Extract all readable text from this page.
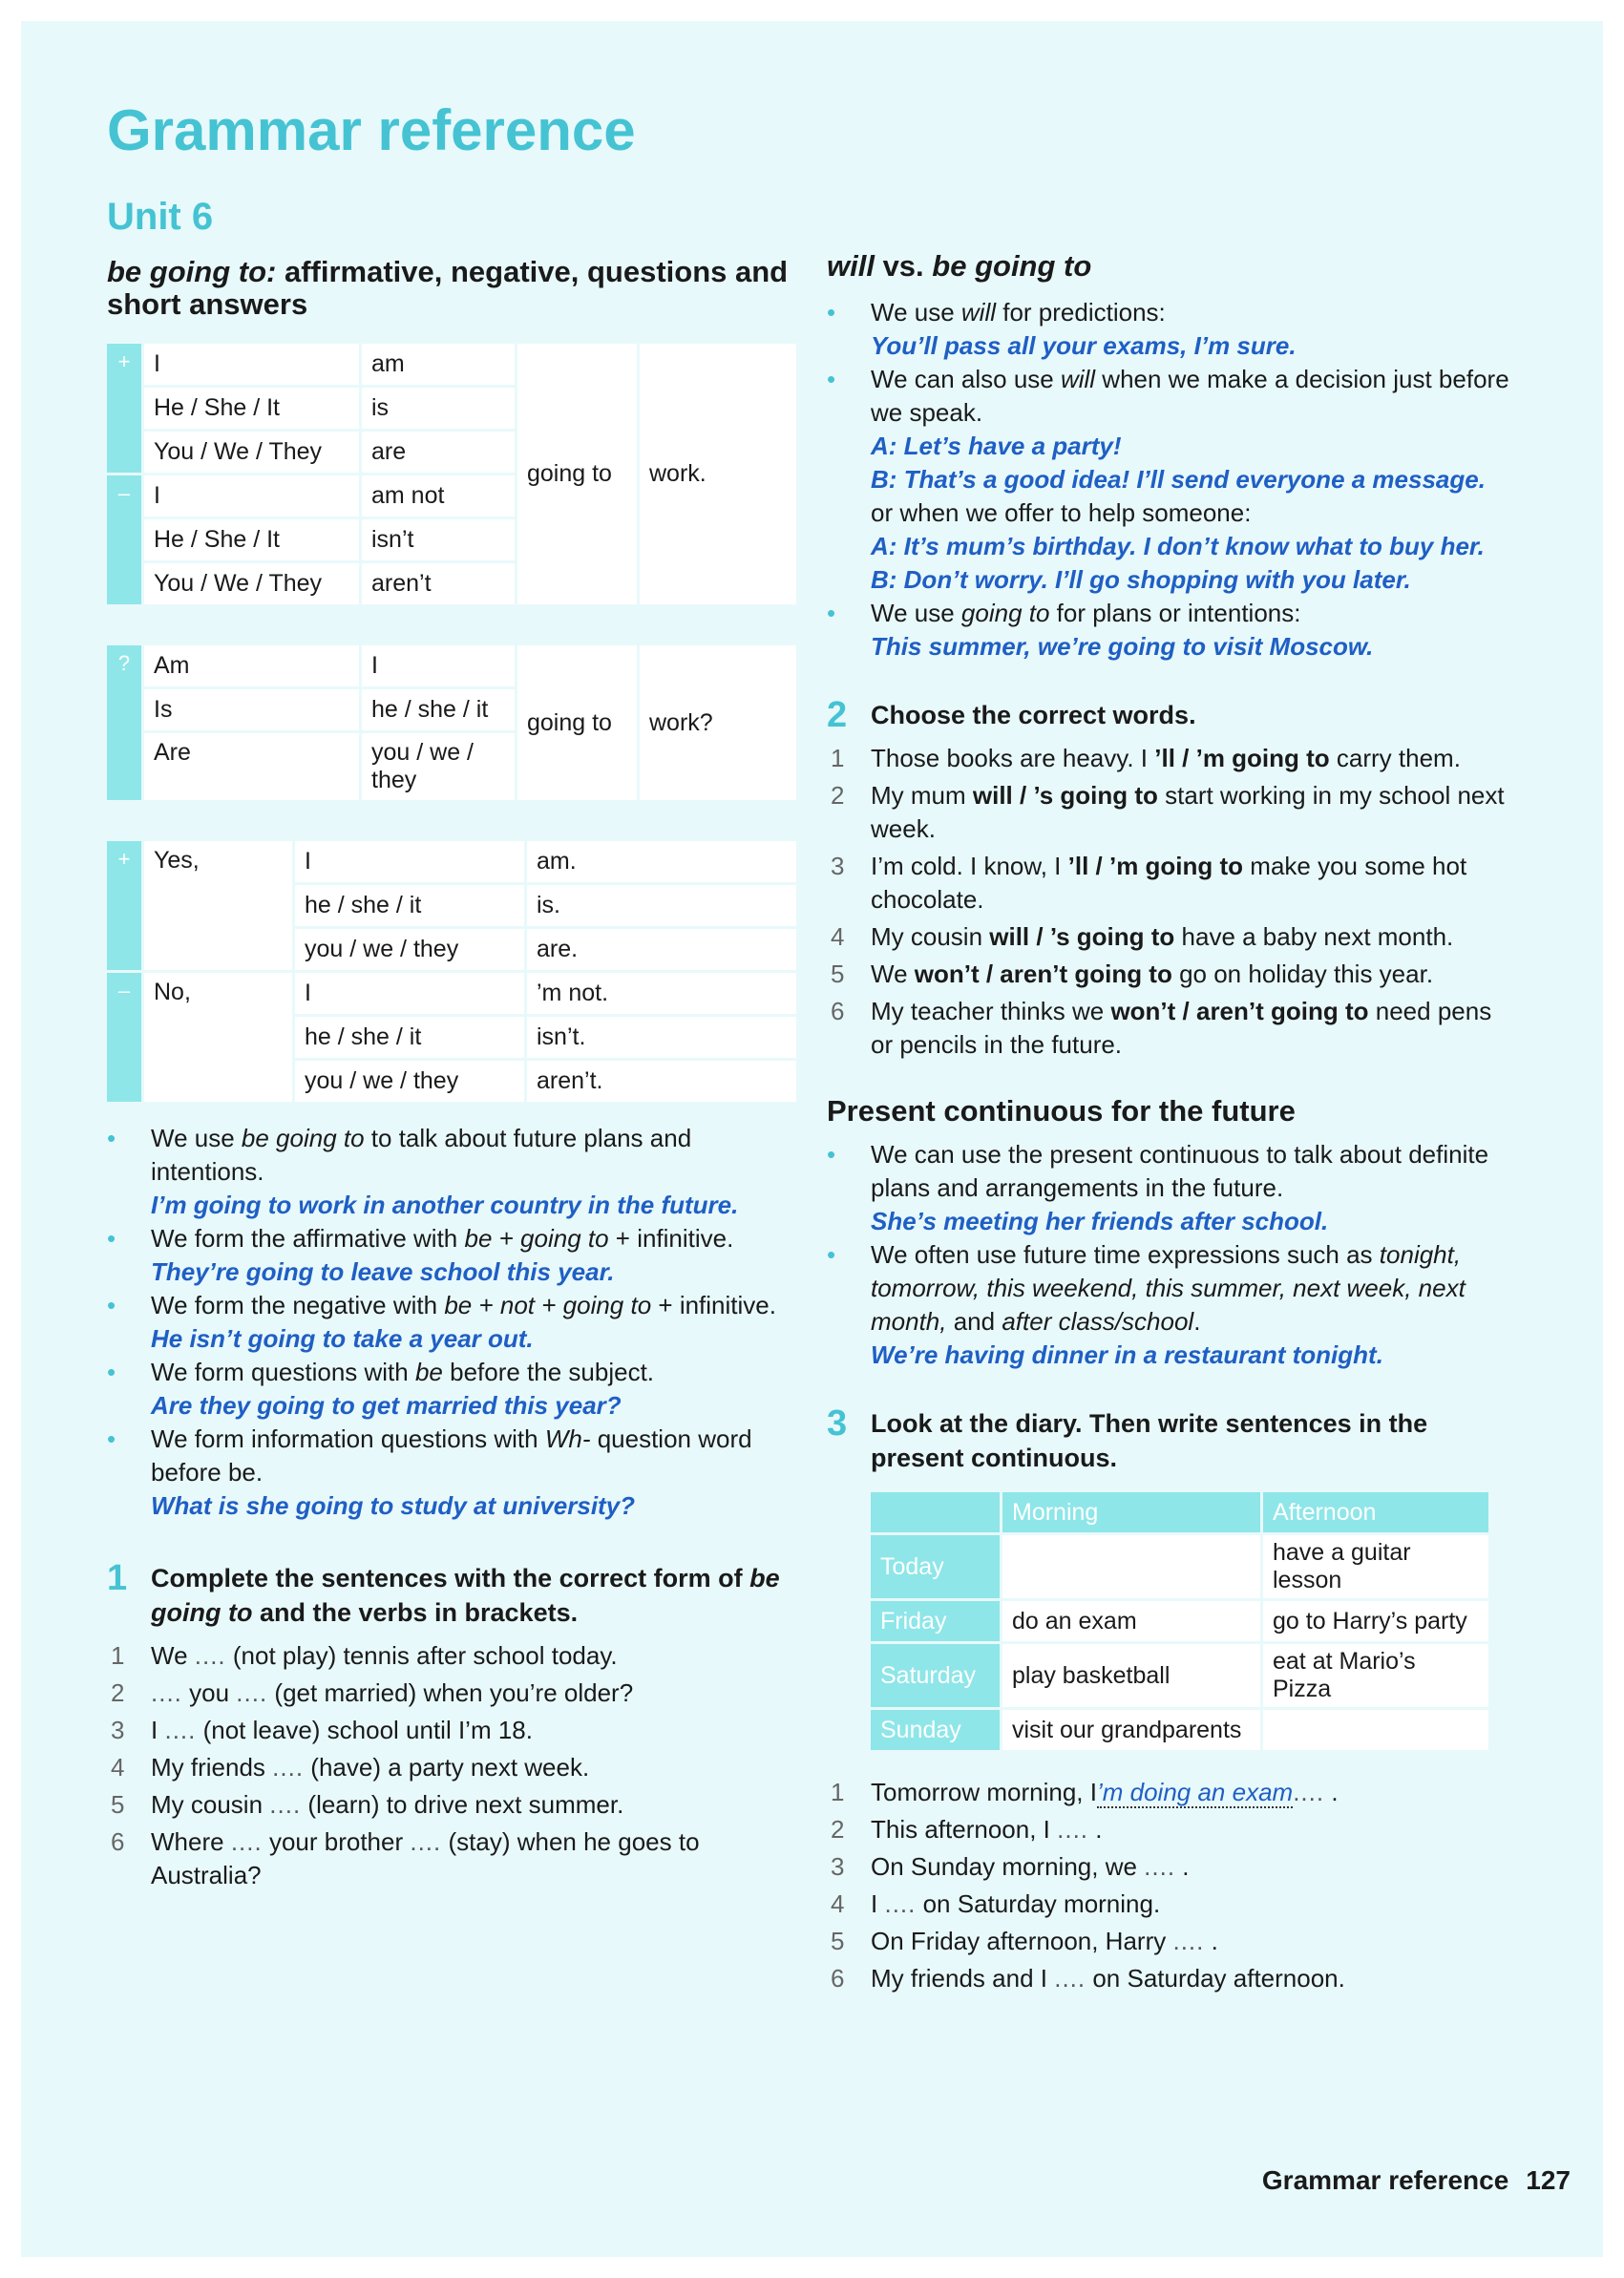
Grammar reference
Unit 6
be going to: affirmative, negative, questions and short answers
+	I	am	going to	work.
	He / She / It	is		
	You / We / They	are		
–	I	am not		
	He / She / It	isn’t		
	You / We / They	aren’t		
?	Am	I	going to	work?
	Is	he / she / it		
	Are	you / we / they		
+	Yes,	I	am.
		he / she / it	is.
		you / we / they	are.
–	No,	I	’m not.
		he / she / it	isn’t.
		you / we / they	aren’t.
• We use be going to to talk about future plans and intentions.
I’m going to work in another country in the future.
• We form the affirmative with be + going to + infinitive.
They’re going to leave school this year.
• We form the negative with be + not + going to + infinitive.
He isn’t going to take a year out.
• We form questions with be before the subject.
Are they going to get married this year?
• We form information questions with Wh- question word before be.
What is she going to study at university?
1 Complete the sentences with the correct form of be going to and the verbs in brackets.
1 We .... (not play) tennis after school today.
2 .... you .... (get married) when you’re older?
3 I .... (not leave) school until I’m 18.
4 My friends .... (have) a party next week.
5 My cousin .... (learn) to drive next summer.
6 Where .... your brother .... (stay) when he goes to Australia?
will vs. be going to
• We use will for predictions:
You’ll pass all your exams, I’m sure.
• We can also use will when we make a decision just before we speak.
A: Let’s have a party!
B: That’s a good idea! I’ll send everyone a message.
or when we offer to help someone:
A: It’s mum’s birthday. I don’t know what to buy her.
B: Don’t worry. I’ll go shopping with you later.
• We use going to for plans or intentions:
This summer, we’re going to visit Moscow.
2 Choose the correct words.
1 Those books are heavy. I ’ll / ’m going to carry them.
2 My mum will / ’s going to start working in my school next week.
3 I’m cold. I know, I ’ll / ’m going to make you some hot chocolate.
4 My cousin will / ’s going to have a baby next month.
5 We won’t / aren’t going to go on holiday this year.
6 My teacher thinks we won’t / aren’t going to need pens or pencils in the future.
Present continuous for the future
• We can use the present continuous to talk about definite plans and arrangements in the future.
She’s meeting her friends after school.
• We often use future time expressions such as tonight, tomorrow, this weekend, this summer, next week, next month, and after class/school.
We’re having dinner in a restaurant tonight.
3 Look at the diary. Then write sentences in the present continuous.
	Morning	Afternoon
Today		have a guitar lesson
Friday	do an exam	go to Harry’s party
Saturday	play basketball	eat at Mario’s Pizza
Sunday	visit our grandparents	
1 Tomorrow morning, I’m doing an exam.... .
2 This afternoon, I .... .
3 On Sunday morning, we .... .
4 I .... on Saturday morning.
5 On Friday afternoon, Harry .... .
6 My friends and I .... on Saturday afternoon.
Grammar reference 127
